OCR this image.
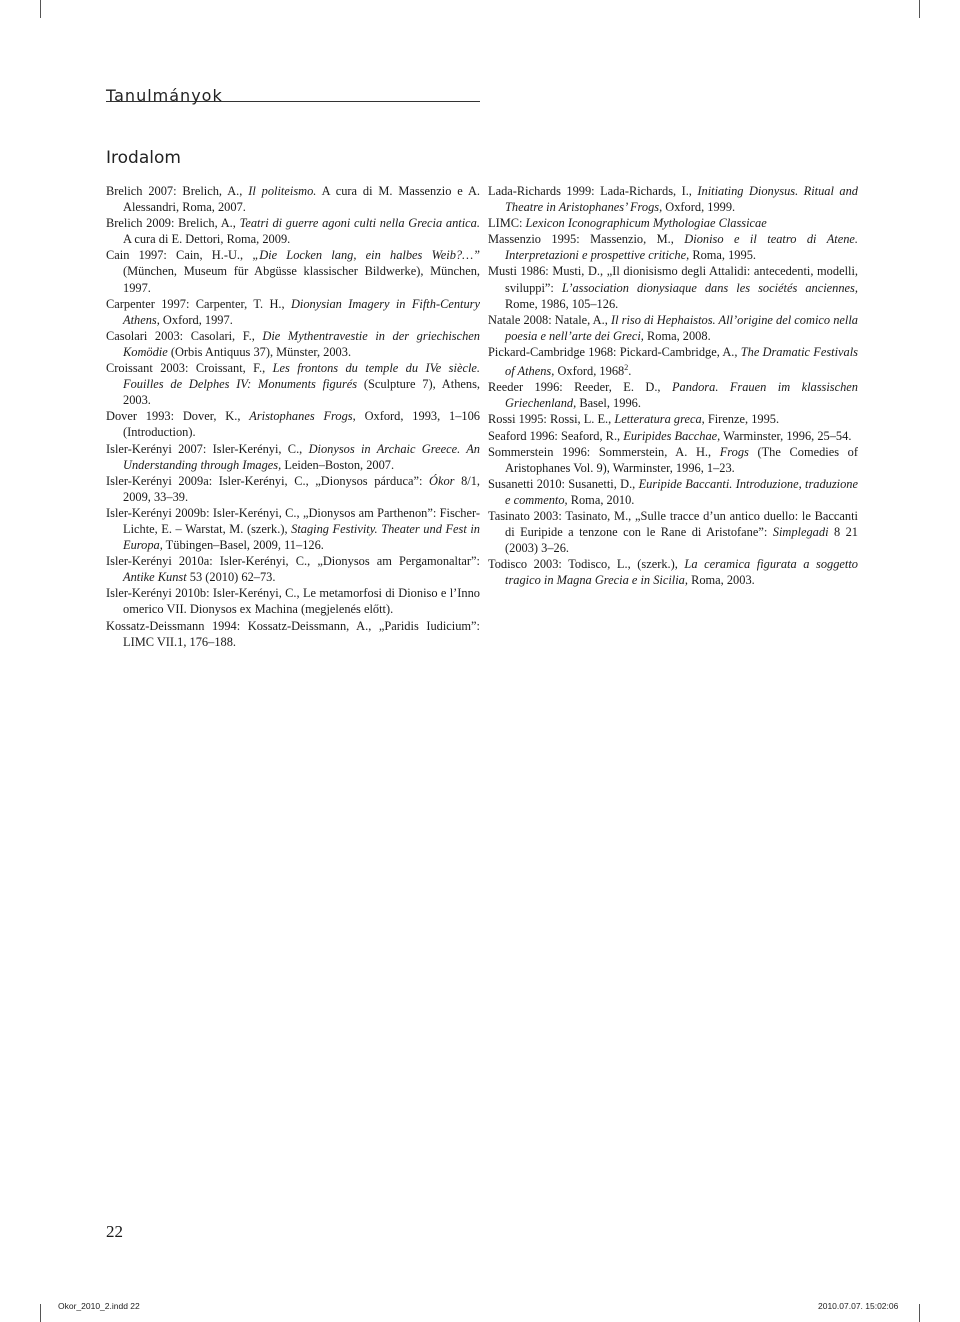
Tanulmányok
Irodalom

Brelich 2007: Brelich, A., Il politeismo. A cura di M. Massenzio e A. Alessandri, Roma, 2007.

Brelich 2009: Brelich, A., Teatri di guerre agoni culti nella Grecia antica. A cura di E. Dettori, Roma, 2009.

Cain 1997: Cain, H.-U., „Die Locken lang, ein halbes Weib?…” (München, Museum für Abgüsse klassischer Bildwerke), München, 1997.

Carpenter 1997: Carpenter, T. H., Dionysian Imagery in Fifth-Century Athens, Oxford, 1997.

Casolari 2003: Casolari, F., Die Mythentravestie in der griechischen Komödie (Orbis Antiquus 37), Münster, 2003.

Croissant 2003: Croissant, F., Les frontons du temple du IVe siècle. Fouilles de Delphes IV: Monuments figurés (Sculpture 7), Athens, 2003.

Dover 1993: Dover, K., Aristophanes Frogs, Oxford, 1993, 1–106 (Introduction).

Isler-Kerényi 2007: Isler-Kerényi, C., Dionysos in Archaic Greece. An Understanding through Images, Leiden–Boston, 2007.

Isler-Kerényi 2009a: Isler-Kerényi, C., „Dionysos párduca”: Ókor 8/1, 2009, 33–39.

Isler-Kerényi 2009b: Isler-Kerényi, C., „Dionysos am Parthenon”: Fischer-Lichte, E. – Warstat, M. (szerk.), Staging Festivity. Theater und Fest in Europa, Tübingen–Basel, 2009, 11–126.

Isler-Kerényi 2010a: Isler-Kerényi, C., „Dionysos am Pergamonaltar”: Antike Kunst 53 (2010) 62–73.

Isler-Kerényi 2010b: Isler-Kerényi, C., Le metamorfosi di Dioniso e l’Inno omerico VII. Dionysos ex Machina (megjelenés előtt).

Kossatz-Deissmann 1994: Kossatz-Deissmann, A., „Paridis Iudicium”: LIMC VII.1, 176–188.

Lada-Richards 1999: Lada-Richards, I., Initiating Dionysus. Ritual and Theatre in Aristophanes’ Frogs, Oxford, 1999.

LIMC: Lexicon Iconographicum Mythologiae Classicae

Massenzio 1995: Massenzio, M., Dioniso e il teatro di Atene. Interpretazioni e prospettive critiche, Roma, 1995.

Musti 1986: Musti, D., „Il dionisismo degli Attalidi: antecedenti, modelli, sviluppi”: L’association dionysiaque dans les sociétés anciennes, Rome, 1986, 105–126.

Natale 2008: Natale, A., Il riso di Hephaistos. All’origine del comico nella poesia e nell’arte dei Greci, Roma, 2008.

Pickard-Cambridge 1968: Pickard-Cambridge, A., The Dramatic Festivals of Athens, Oxford, 1968$^2$.

Reeder 1996: Reeder, E. D., Pandora. Frauen im klassischen Griechenland, Basel, 1996.

Rossi 1995: Rossi, L. E., Letteratura greca, Firenze, 1995.

Seaford 1996: Seaford, R., Euripides Bacchae, Warminster, 1996, 25–54.

Sommerstein 1996: Sommerstein, A. H., Frogs (The Comedies of Aristophanes Vol. 9), Warminster, 1996, 1–23.

Susanetti 2010: Susanetti, D., Euripide Baccanti. Introduzione, traduzione e commento, Roma, 2010.

Tasinato 2003: Tasinato, M., „Sulle tracce d’un antico duello: le Baccanti di Euripide a tenzone con le Rane di Aristofane”: Simplegadi 8 21 (2003) 3–26.

Todisco 2003: Todisco, L., (szerk.), La ceramica figurata a soggetto tragico in Magna Grecia e in Sicilia, Roma, 2003.

22
Okor_2010_2.indd 22	2010.07.07. 15:02:06
